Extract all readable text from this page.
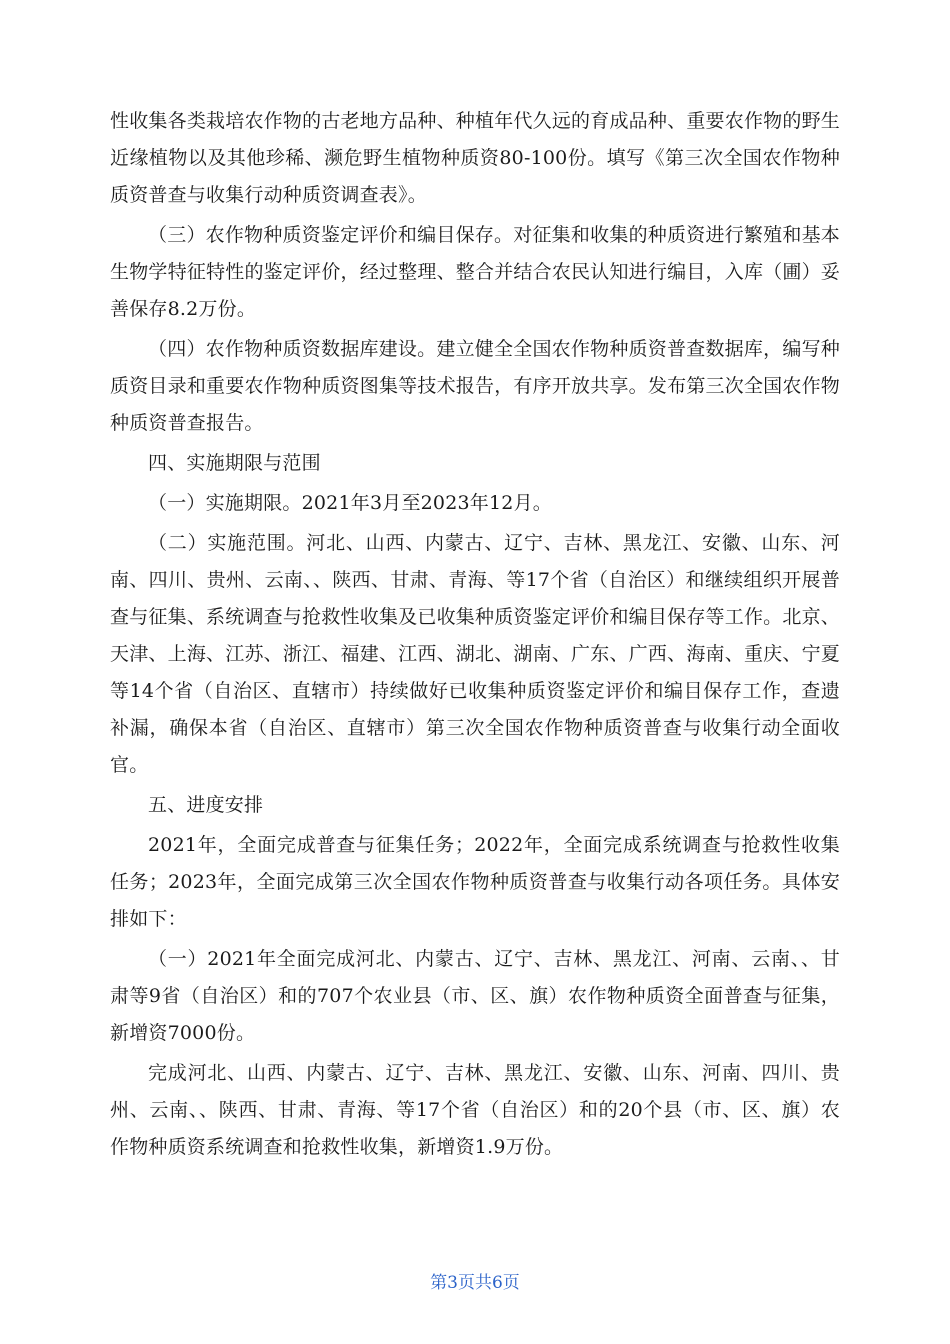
性收集各类栽培农作物的古老地方品种、种植年代久远的育成品种、重要农作物的野生近缘植物以及其他珍稀、濒危野生植物种质资80-100份。填写《第三次全国农作物种质资普查与收集行动种质资调查表》。

（三）农作物种质资鉴定评价和编目保存。对征集和收集的种质资进行繁殖和基本生物学特征特性的鉴定评价，经过整理、整合并结合农民认知进行编目，入库（圃）妥善保存8.2万份。

（四）农作物种质资数据库建设。建立健全全国农作物种质资普查数据库，编写种质资目录和重要农作物种质资图集等技术报告，有序开放共享。发布第三次全国农作物种质资普查报告。

四、实施期限与范围

（一）实施期限。2021年3月至2023年12月。

（二）实施范围。河北、山西、内蒙古、辽宁、吉林、黑龙江、安徽、山东、河南、四川、贵州、云南、、陕西、甘肃、青海、等17个省（自治区）和继续组织开展普查与征集、系统调查与抢救性收集及已收集种质资鉴定评价和编目保存等工作。北京、天津、上海、江苏、浙江、福建、江西、湖北、湖南、广东、广西、海南、重庆、宁夏等14个省（自治区、直辖市）持续做好已收集种质资鉴定评价和编目保存工作，查遗补漏，确保本省（自治区、直辖市）第三次全国农作物种质资普查与收集行动全面收官。

五、进度安排

2021年，全面完成普查与征集任务；2022年，全面完成系统调查与抢救性收集任务；2023年，全面完成第三次全国农作物种质资普查与收集行动各项任务。具体安排如下：

（一）2021年全面完成河北、内蒙古、辽宁、吉林、黑龙江、河南、云南、、甘肃等9省（自治区）和的707个农业县（市、区、旗）农作物种质资全面普查与征集，新增资7000份。

完成河北、山西、内蒙古、辽宁、吉林、黑龙江、安徽、山东、河南、四川、贵州、云南、、陕西、甘肃、青海、等17个省（自治区）和的20个县（市、区、旗）农作物种质资系统调查和抢救性收集，新增资1.9万份。

第3页共6页
